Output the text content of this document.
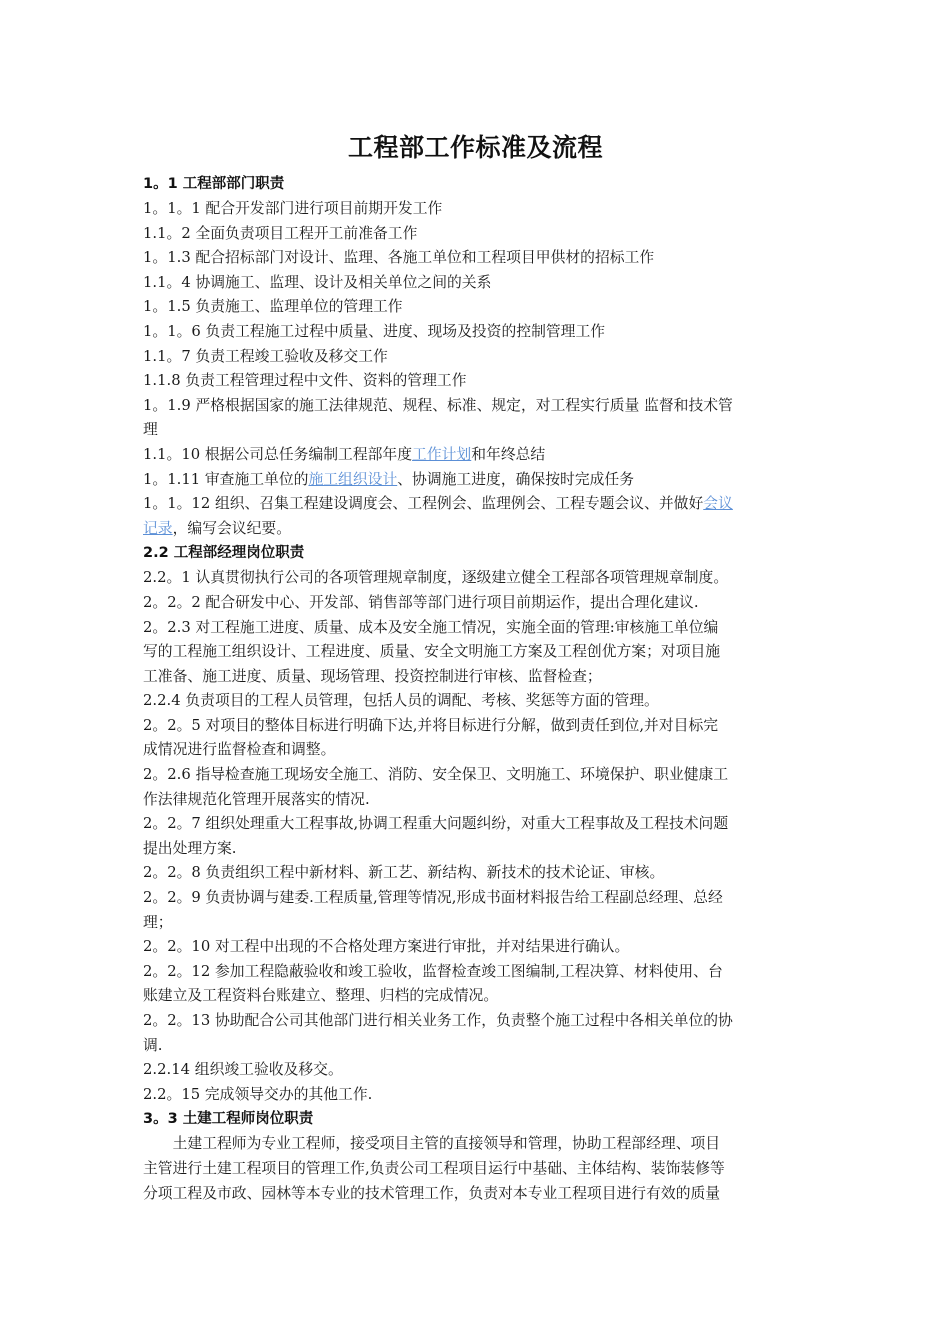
工程部工作标准及流程

1。1 工程部部门职责

1。1。1 配合开发部门进行项目前期开发工作

1.1。2 全面负责项目工程开工前准备工作

1。1.3 配合招标部门对设计、监理、各施工单位和工程项目甲供材的招标工作

1.1。4 协调施工、监理、设计及相关单位之间的关系

1。1.5 负责施工、监理单位的管理工作

1。1。6 负责工程施工过程中质量、进度、现场及投资的控制管理工作

1.1。7 负责工程竣工验收及移交工作

1.1.8 负责工程管理过程中文件、资料的管理工作

1。1.9 严格根据国家的施工法律规范、规程、标准、规定，对工程实行质量 监督和技术管

理

1.1。10 根据公司总任务编制工程部年度工作计划和年终总结

1。1.11 审查施工单位的施工组织设计、协调施工进度，确保按时完成任务

1。1。12 组织、召集工程建设调度会、工程例会、监理例会、工程专题会议、并做好会议

记录，编写会议纪要。

2.2 工程部经理岗位职责

2.2。1 认真贯彻执行公司的各项管理规章制度，逐级建立健全工程部各项管理规章制度。

2。2。2 配合研发中心、开发部、销售部等部门进行项目前期运作，提出合理化建议.

2。2.3 对工程施工进度、质量、成本及安全施工情况，实施全面的管理:审核施工单位编

写的工程施工组织设计、工程进度、质量、安全文明施工方案及工程创优方案；对项目施

工准备、施工进度、质量、现场管理、投资控制进行审核、监督检查；

2.2.4 负责项目的工程人员管理，包括人员的调配、考核、奖惩等方面的管理。

2。2。5 对项目的整体目标进行明确下达,并将目标进行分解，做到责任到位,并对目标完

成情况进行监督检查和调整。

2。2.6 指导检查施工现场安全施工、消防、安全保卫、文明施工、环境保护、职业健康工

作法律规范化管理开展落实的情况.

2。2。7 组织处理重大工程事故,协调工程重大问题纠纷，对重大工程事故及工程技术问题

提出处理方案.

2。2。8 负责组织工程中新材料、新工艺、新结构、新技术的技术论证、审核。

2。2。9 负责协调与建委.工程质量,管理等情况,形成书面材料报告给工程副总经理、总经

理；

2。2。10 对工程中出现的不合格处理方案进行审批，并对结果进行确认。

2。2。12 参加工程隐蔽验收和竣工验收，监督检查竣工图编制,工程决算、材料使用、台

账建立及工程资料台账建立、整理、归档的完成情况。

2。2。13 协助配合公司其他部门进行相关业务工作，负责整个施工过程中各相关单位的协

调.

2.2.14 组织竣工验收及移交。

2.2。15 完成领导交办的其他工作.

3。3 土建工程师岗位职责

土建工程师为专业工程师，接受项目主管的直接领导和管理，协助工程部经理、项目

主管进行土建工程项目的管理工作,负责公司工程项目运行中基础、主体结构、装饰装修等

分项工程及市政、园林等本专业的技术管理工作，负责对本专业工程项目进行有效的质量
